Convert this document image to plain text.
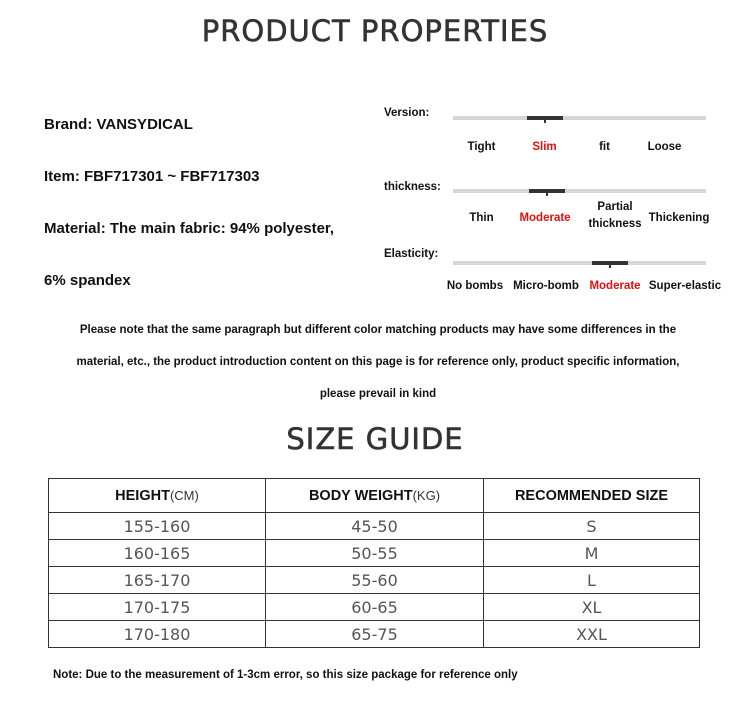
PRODUCT PROPERTIES
Brand: VANSYDICAL
Item: FBF717301 ~ FBF717303
Material: The main fabric: 94% polyester,
6% spandex
Version:
Tight	Slim	fit	Loose
thickness:
Thin	Moderate
Partial
thickness Thickening
Elasticity:
No bombs Micro-bomb Moderate Super-elastic
Please note that the same paragraph but different color matching products may have some differences in the
material, etc., the product introduction content on this page is for reference only, product specific information,
please prevail in kind
SIZE GUIDE
HEIGHT(CM)	BODY WEIGHT(KG)	RECOMMENDED SIZE
155-160	45-50	S
160-165	50-55	M
165-170	55-60	L
170-175	60-65	XL
170-180	65-75	XXL
Note: Due to the measurement of 1-3cm error, so this size package for reference only
